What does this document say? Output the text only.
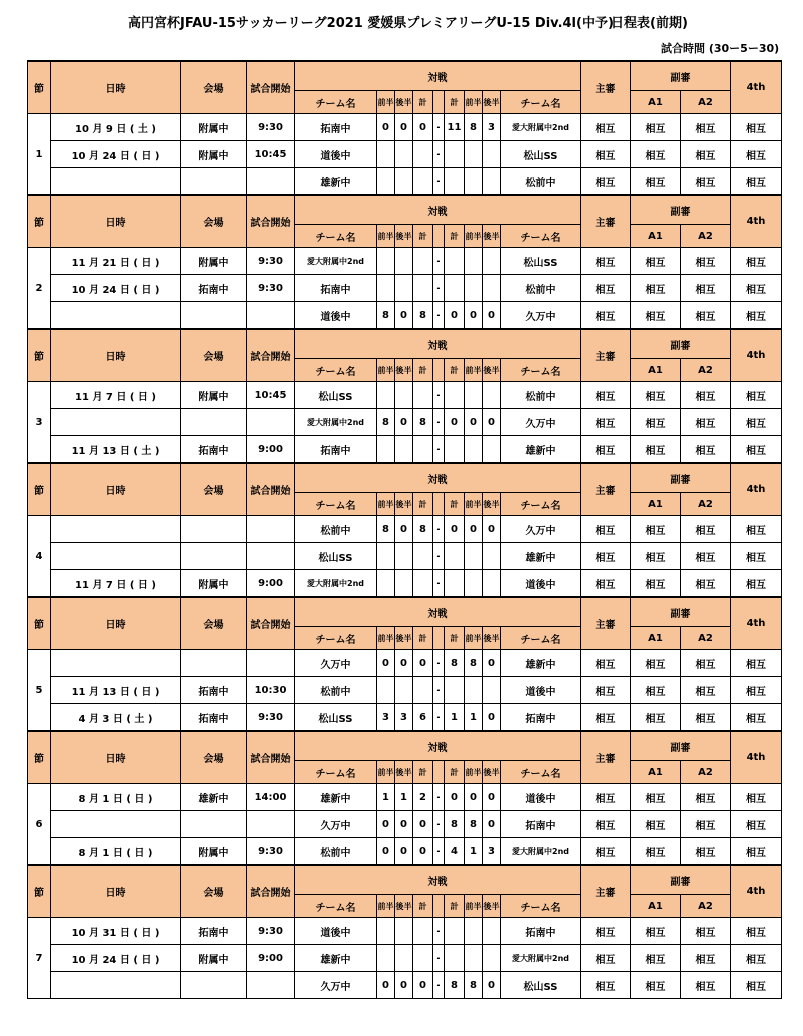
高円宮杯JFAU-15サッカーリーグ2021 愛媛県プレミアリーグU-15 Div.4l(中予)
日程表(前期)
試合時間 (30ー5ー30)
節	日時	会場	試合開始	対戦									主審	副審		4th
				チーム名	前半	後半	計		計	前半	後半	チーム名		A1	A2	
1	10 月 9 日 ( 土 )	附属中	9:30	拓南中	0	0	0	-	11	8	3	愛大附属中2nd	相互	相互	相互	相互
	10 月 24 日 ( 日 )	附属中	10:45	道後中				-				松山SS	相互	相互	相互	相互
				雄新中				-				松前中	相互	相互	相互	相互
節	日時	会場	試合開始	対戦									主審	副審		4th
				チーム名	前半	後半	計		計	前半	後半	チーム名		A1	A2	
2	11 月 21 日 ( 日 )	附属中	9:30	愛大附属中2nd				-				松山SS	相互	相互	相互	相互
	10 月 24 日 ( 日 )	拓南中	9:30	拓南中				-				松前中	相互	相互	相互	相互
				道後中	8	0	8	-	0	0	0	久万中	相互	相互	相互	相互
節	日時	会場	試合開始	対戦									主審	副審		4th
				チーム名	前半	後半	計		計	前半	後半	チーム名		A1	A2	
3	11 月 7 日 ( 日 )	附属中	10:45	松山SS				-				松前中	相互	相互	相互	相互
				愛大附属中2nd	8	0	8	-	0	0	0	久万中	相互	相互	相互	相互
	11 月 13 日 ( 土 )	拓南中	9:00	拓南中				-				雄新中	相互	相互	相互	相互
節	日時	会場	試合開始	対戦									主審	副審		4th
				チーム名	前半	後半	計		計	前半	後半	チーム名		A1	A2	
4				松前中	8	0	8	-	0	0	0	久万中	相互	相互	相互	相互
				松山SS				-				雄新中	相互	相互	相互	相互
	11 月 7 日 ( 日 )	附属中	9:00	愛大附属中2nd				-				道後中	相互	相互	相互	相互
節	日時	会場	試合開始	対戦									主審	副審		4th
				チーム名	前半	後半	計		計	前半	後半	チーム名		A1	A2	
5				久万中	0	0	0	-	8	8	0	雄新中	相互	相互	相互	相互
	11 月 13 日 ( 日 )	拓南中	10:30	松前中				-				道後中	相互	相互	相互	相互
	4 月 3 日 ( 土 )	拓南中	9:30	松山SS	3	3	6	-	1	1	0	拓南中	相互	相互	相互	相互
節	日時	会場	試合開始	対戦									主審	副審		4th
				チーム名	前半	後半	計		計	前半	後半	チーム名		A1	A2	
6	8 月 1 日 ( 日 )	雄新中	14:00	雄新中	1	1	2	-	0	0	0	道後中	相互	相互	相互	相互
				久万中	0	0	0	-	8	8	0	拓南中	相互	相互	相互	相互
	8 月 1 日 ( 日 )	附属中	9:30	松前中	0	0	0	-	4	1	3	愛大附属中2nd	相互	相互	相互	相互
節	日時	会場	試合開始	対戦									主審	副審		4th
				チーム名	前半	後半	計		計	前半	後半	チーム名		A1	A2	
7	10 月 31 日 ( 日 )	拓南中	9:30	道後中				-				拓南中	相互	相互	相互	相互
	10 月 24 日 ( 日 )	附属中	9:00	雄新中				-				愛大附属中2nd	相互	相互	相互	相互
				久万中	0	0	0	-	8	8	0	松山SS	相互	相互	相互	相互
